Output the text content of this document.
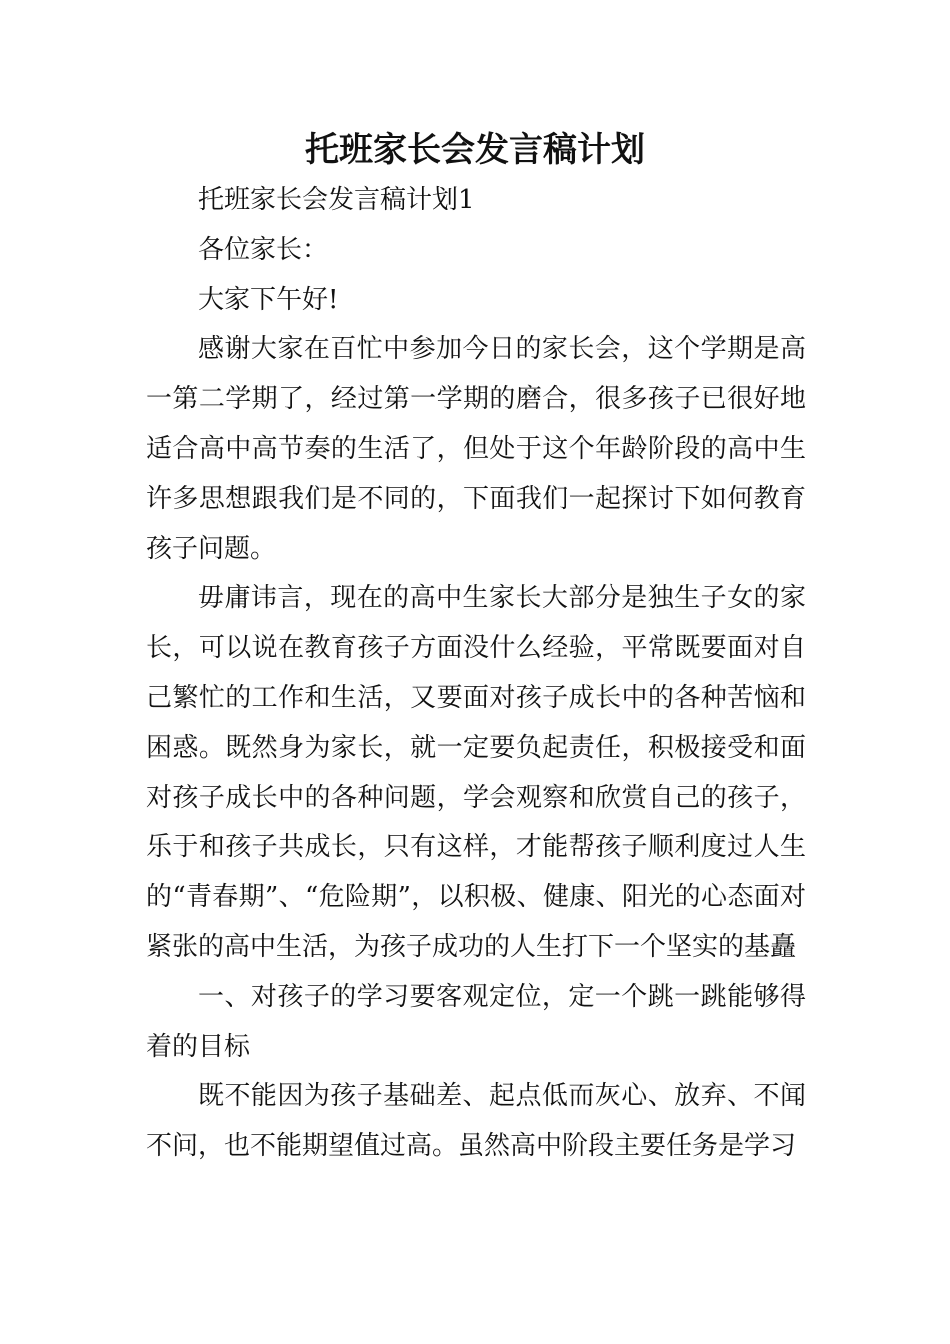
托班家长会发言稿计划

托班家长会发言稿计划1

各位家长：

大家下午好!

感谢大家在百忙中参加今日的家长会，这个学期是高一第二学期了，经过第一学期的磨合，很多孩子已很好地适合高中高节奏的生活了，但处于这个年龄阶段的高中生许多思想跟我们是不同的，下面我们一起探讨下如何教育孩子问题。

毋庸讳言，现在的高中生家长大部分是独生子女的家长，可以说在教育孩子方面没什么经验，平常既要面对自己繁忙的工作和生活，又要面对孩子成长中的各种苦恼和困惑。既然身为家长，就一定要负起责任，积极接受和面对孩子成长中的各种问题，学会观察和欣赏自己的孩子，乐于和孩子共成长，只有这样，才能帮孩子顺利度过人生的“青春期”、“危险期”，以积极、健康、阳光的心态面对紧张的高中生活，为孩子成功的人生打下一个坚实的基矗

一、对孩子的学习要客观定位，定一个跳一跳能够得着的目标

既不能因为孩子基础差、起点低而灰心、放弃、不闻不问，也不能期望值过高。虽然高中阶段主要任务是学习
